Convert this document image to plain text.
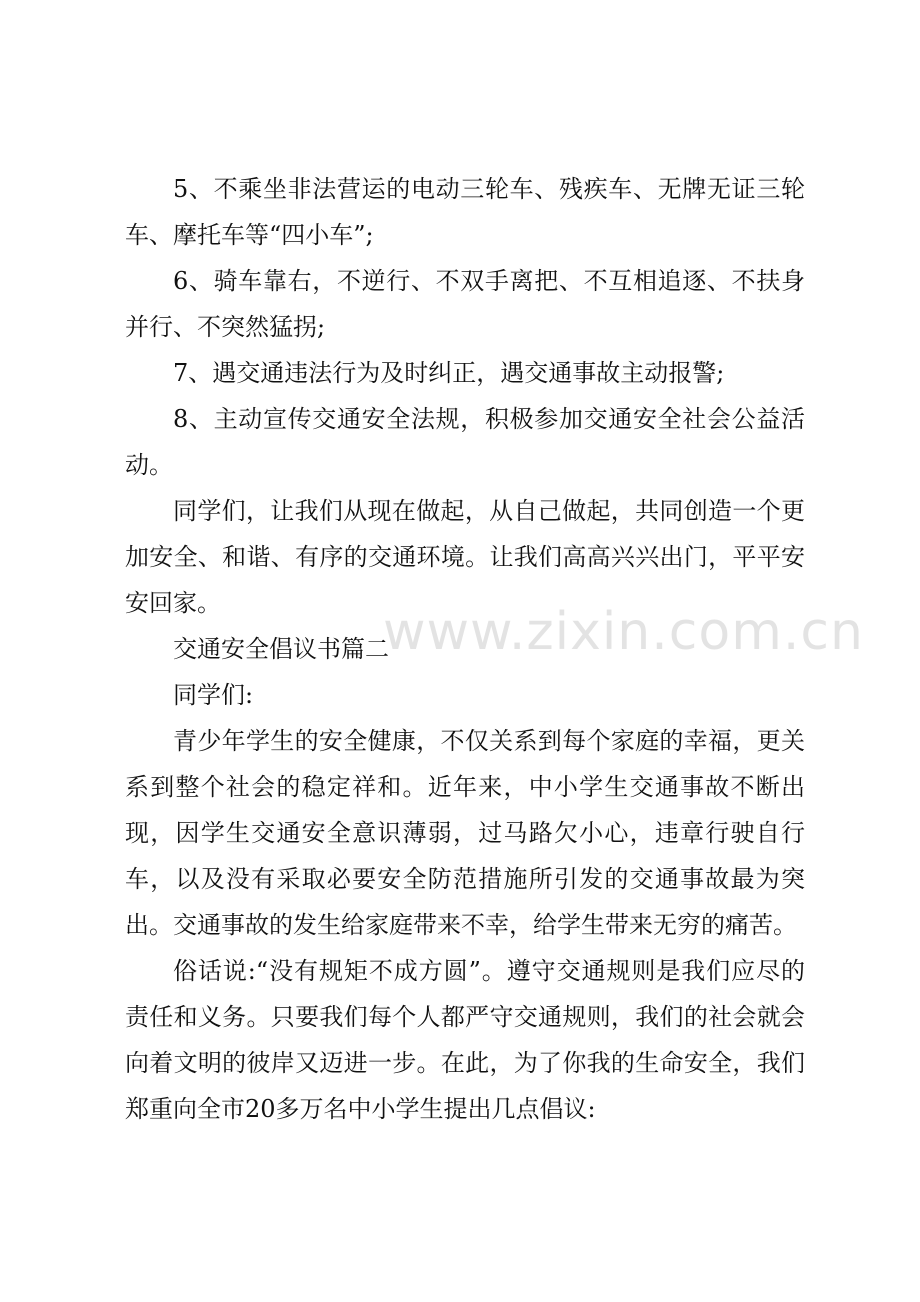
5、不乘坐非法营运的电动三轮车、残疾车、无牌无证三轮车、摩托车等“四小车”;

6、骑车靠右，不逆行、不双手离把、不互相追逐、不扶身并行、不突然猛拐;

7、遇交通违法行为及时纠正，遇交通事故主动报警;

8、主动宣传交通安全法规，积极参加交通安全社会公益活动。

同学们，让我们从现在做起，从自己做起，共同创造一个更加安全、和谐、有序的交通环境。让我们高高兴兴出门，平平安安回家。

交通安全倡议书篇二

同学们:

青少年学生的安全健康，不仅关系到每个家庭的幸福，更关系到整个社会的稳定祥和。近年来，中小学生交通事故不断出现，因学生交通安全意识薄弱，过马路欠小心，违章行驶自行车，以及没有采取必要安全防范措施所引发的交通事故最为突出。交通事故的发生给家庭带来不幸，给学生带来无穷的痛苦。

俗话说:“没有规矩不成方圆”。遵守交通规则是我们应尽的责任和义务。只要我们每个人都严守交通规则，我们的社会就会向着文明的彼岸又迈进一步。在此，为了你我的生命安全，我们郑重向全市20多万名中小学生提出几点倡议:

www.zixin.com.cn
